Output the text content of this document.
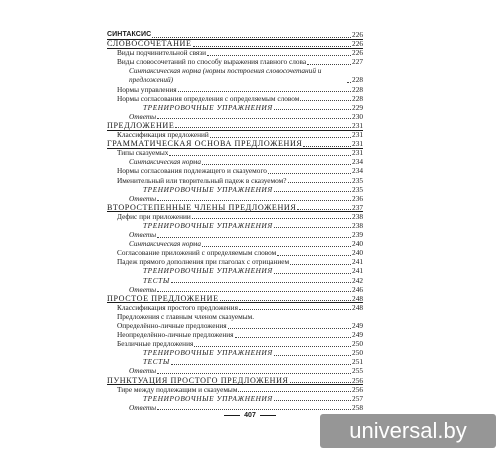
СИНТАКСИС	226
СЛОВОСОЧЕТАНИЕ	226
Виды подчинительной связи	226
Виды словосочетаний по способу выражения главного слова	227
Синтаксическая норма (нормы построения словосочетаний и предложений)	228
Нормы управления	228
Нормы согласования определения с определяемым словом	228
ТРЕНИРОВОЧНЫЕ УПРАЖНЕНИЯ	229
Ответы	230
ПРЕДЛОЖЕНИЕ	231
Классификация предложений	231
ГРАММАТИЧЕСКАЯ ОСНОВА ПРЕДЛОЖЕНИЯ	231
Типы сказуемых	231
Синтаксическая норма	234
Нормы согласования подлежащего и сказуемого	234
Именительный или творительный падеж в сказуемом?	235
ТРЕНИРОВОЧНЫЕ УПРАЖНЕНИЯ	235
Ответы	236
ВТОРОСТЕПЕННЫЕ ЧЛЕНЫ ПРЕДЛОЖЕНИЯ	237
Дефис при приложении	238
ТРЕНИРОВОЧНЫЕ УПРАЖНЕНИЯ	238
Ответы	239
Синтаксическая норма	240
Согласование приложений с определяемым словом	240
Падеж прямого дополнения при глаголах с отрицанием	241
ТРЕНИРОВОЧНЫЕ УПРАЖНЕНИЯ	241
ТЕСТЫ	242
Ответы	246
ПРОСТОЕ ПРЕДЛОЖЕНИЕ	248
Классификация простого предложения	248
Предложения с главным членом сказуемым.
Определённо-личные предложения	249
Неопределённо-личные предложения	249
Безличные предложения	250
ТРЕНИРОВОЧНЫЕ УПРАЖНЕНИЯ	250
ТЕСТЫ	251
Ответы	255
ПУНКТУАЦИЯ ПРОСТОГО ПРЕДЛОЖЕНИЯ	256
Тире между подлежащим и сказуемым	256
ТРЕНИРОВОЧНЫЕ УПРАЖНЕНИЯ	257
Ответы	258
407
universal.by
